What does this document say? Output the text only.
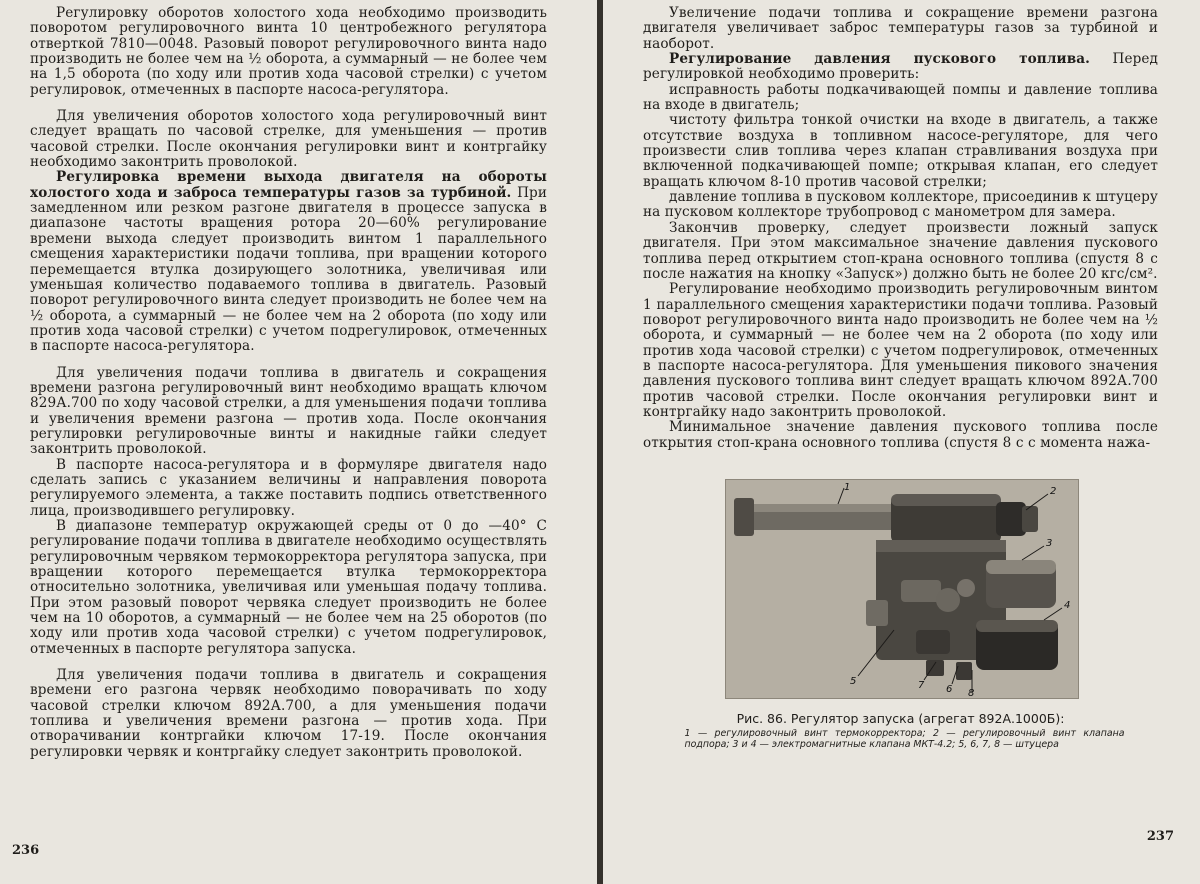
Регулировку оборотов холостого хода необходимо производить поворотом регулировочного винта 10 центробежного регулятора отверткой 7810—0048. Разовый поворот регулировочного винта надо производить не более чем на ½ оборота, а суммарный — не более чем на 1,5 оборота (по ходу или против хода часовой стрелки) с учетом регулировок, отмеченных в паспорте насоса-регулятора.

Для увеличения оборотов холостого хода регулировочный винт следует вращать по часовой стрелке, для уменьшения — против часовой стрелки. После окончания регулировки винт и контргайку необходимо законтрить проволокой.

Регулировка времени выхода двигателя на обороты холостого хода и заброса температуры газов за турбиной. При замедленном или резком разгоне двигателя в процессе запуска в диапазоне частоты вращения ротора 20—60% регулирование времени выхода следует производить винтом 1 параллельного смещения характеристики подачи топлива, при вращении которого перемещается втулка дозирующего золотника, увеличивая или уменьшая количество подаваемого топлива в двигатель. Разовый поворот регулировочного винта следует производить не более чем на ½ оборота, а суммарный — не более чем на 2 оборота (по ходу или против хода часовой стрелки) с учетом подрегулировок, отмеченных в паспорте насоса-регулятора.

Для увеличения подачи топлива в двигатель и сокращения времени разгона регулировочный винт необходимо вращать ключом 829А.700 по ходу часовой стрелки, а для уменьшения подачи топлива и увеличения времени разгона — против хода. После окончания регулировки регулировочные винты и накидные гайки следует законтрить проволокой.

В паспорте насоса-регулятора и в формуляре двигателя надо сделать запись с указанием величины и направления поворота регулируемого элемента, а также поставить подпись ответственного лица, производившего регулировку.

В диапазоне температур окружающей среды от 0 до —40° С регулирование подачи топлива в двигателе необходимо осуществлять регулировочным червяком термокорректора регулятора запуска, при вращении которого перемещается втулка термокорректора относительно золотника, увеличивая или уменьшая подачу топлива. При этом разовый поворот червяка следует производить не более чем на 10 оборотов, а суммарный — не более чем на 25 оборотов (по ходу или против хода часовой стрелки) с учетом подрегулировок, отмеченных в паспорте регулятора запуска.

Для увеличения подачи топлива в двигатель и сокращения времени его разгона червяк необходимо поворачивать по ходу часовой стрелки ключом 892А.700, а для уменьшения подачи топлива и увеличения времени разгона — против хода. При отворачивании контргайки ключом 17-19. После окончания регулировки червяк и контргайку следует законтрить проволокой.

236

Увеличение подачи топлива и сокращение времени разгона двигателя увеличивает заброс температуры газов за турбиной и наоборот.

Регулирование давления пускового топлива. Перед регулировкой необходимо проверить:

исправность работы подкачивающей помпы и давление топлива на входе в двигатель;

чистоту фильтра тонкой очистки на входе в двигатель, а также отсутствие воздуха в топливном насосе-регуляторе, для чего произвести слив топлива через клапан стравливания воздуха при включенной подкачивающей помпе; открывая клапан, его следует вращать ключом 8-10 против часовой стрелки;

давление топлива в пусковом коллекторе, присоединив к штуцеру на пусковом коллекторе трубопровод с манометром для замера.

Закончив проверку, следует произвести ложный запуск двигателя. При этом максимальное значение давления пускового топлива перед открытием стоп-крана основного топлива (спустя 8 с после нажатия на кнопку «Запуск») должно быть не более 20 кгс/см².

Регулирование необходимо производить регулировочным винтом 1 параллельного смещения характеристики подачи топлива. Разовый поворот регулировочного винта надо производить не более чем на ½ оборота, и суммарный — не более чем на 2 оборота (по ходу или против хода часовой стрелки) с учетом подрегулировок, отмеченных в паспорте насоса-регулятора. Для уменьшения пикового значения давления пускового топлива винт следует вращать ключом 892А.700 против часовой стрелки. После окончания регулировки винт и контргайку надо законтрить проволокой.

Минимальное значение давления пускового топлива после открытия стоп-крана основного топлива (спустя 8 с с момента нажа-

1	2
3
4
5
6
7
8
Рис. 86. Регулятор запуска (агрегат 892А.1000Б):
1 — регулировочный винт термокорректора; 2 — регулировочный винт клапана подпора; 3 и 4 — электромагнитные клапана МКТ-4.2; 5, 6, 7, 8 — штуцера
237
